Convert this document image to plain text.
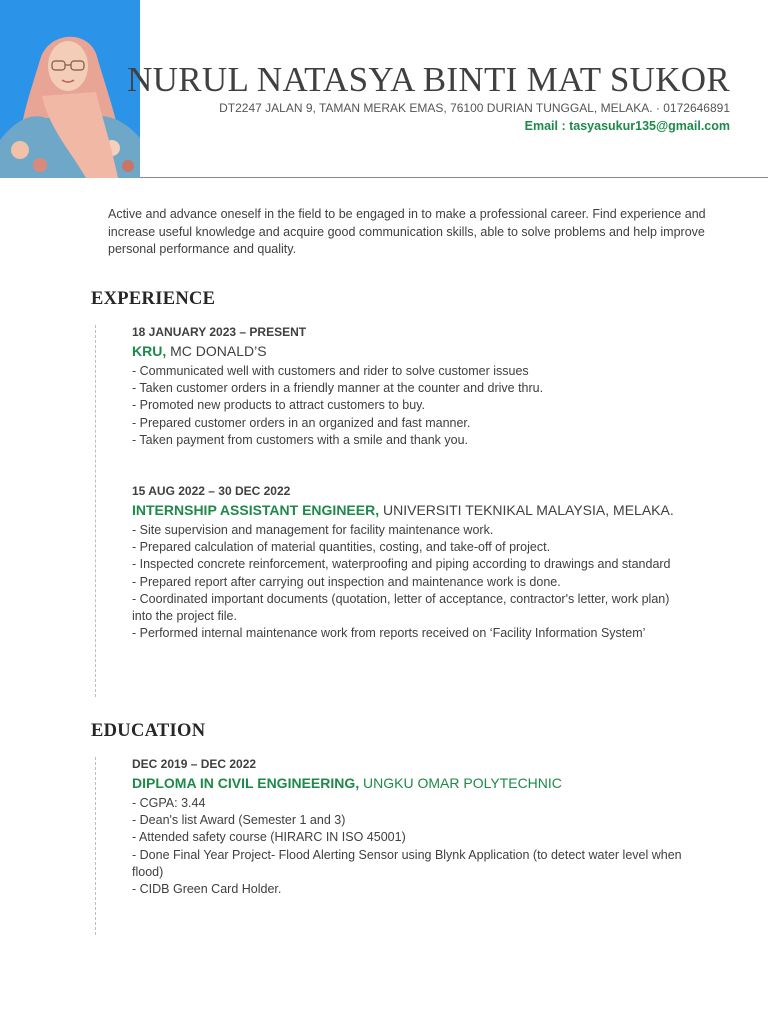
NURUL NATASYA BINTI MAT SUKOR
DT2247 JALAN 9, TAMAN MERAK EMAS, 76100 DURIAN TUNGGAL, MELAKA. · 0172646891
Email : tasyasukur135@gmail.com

Active and advance oneself in the field to be engaged in to make a professional career. Find experience and increase useful knowledge and acquire good communication skills, able to solve problems and help improve personal performance and quality.

EXPERIENCE

18 JANUARY 2023 – PRESENT

KRU, MC DONALD’S

- Communicated well with customers and rider to solve customer issues
- Taken customer orders in a friendly manner at the counter and drive thru.
- Promoted new products to attract customers to buy.
- Prepared customer orders in an organized and fast manner.
- Taken payment from customers with a smile and thank you.

15 AUG 2022 – 30 DEC 2022

INTERNSHIP ASSISTANT ENGINEER, UNIVERSITI TEKNIKAL MALAYSIA, MELAKA.

- Site supervision and management for facility maintenance work.
- Prepared calculation of material quantities, costing, and take-off of project.
- Inspected concrete reinforcement, waterproofing and piping according to drawings and standard
- Prepared report after carrying out inspection and maintenance work is done.
- Coordinated important documents (quotation, letter of acceptance, contractor's letter, work plan) into the project file.
- Performed internal maintenance work from reports received on ‘Facility Information System’
EDUCATION

DEC 2019 – DEC 2022

DIPLOMA IN CIVIL ENGINEERING, UNGKU OMAR POLYTECHNIC

- CGPA: 3.44
- Dean's list Award (Semester 1 and 3)
- Attended safety course (HIRARC IN ISO 45001)
- Done Final Year Project- Flood Alerting Sensor using Blynk Application (to detect water level when flood)
- CIDB Green Card Holder.
